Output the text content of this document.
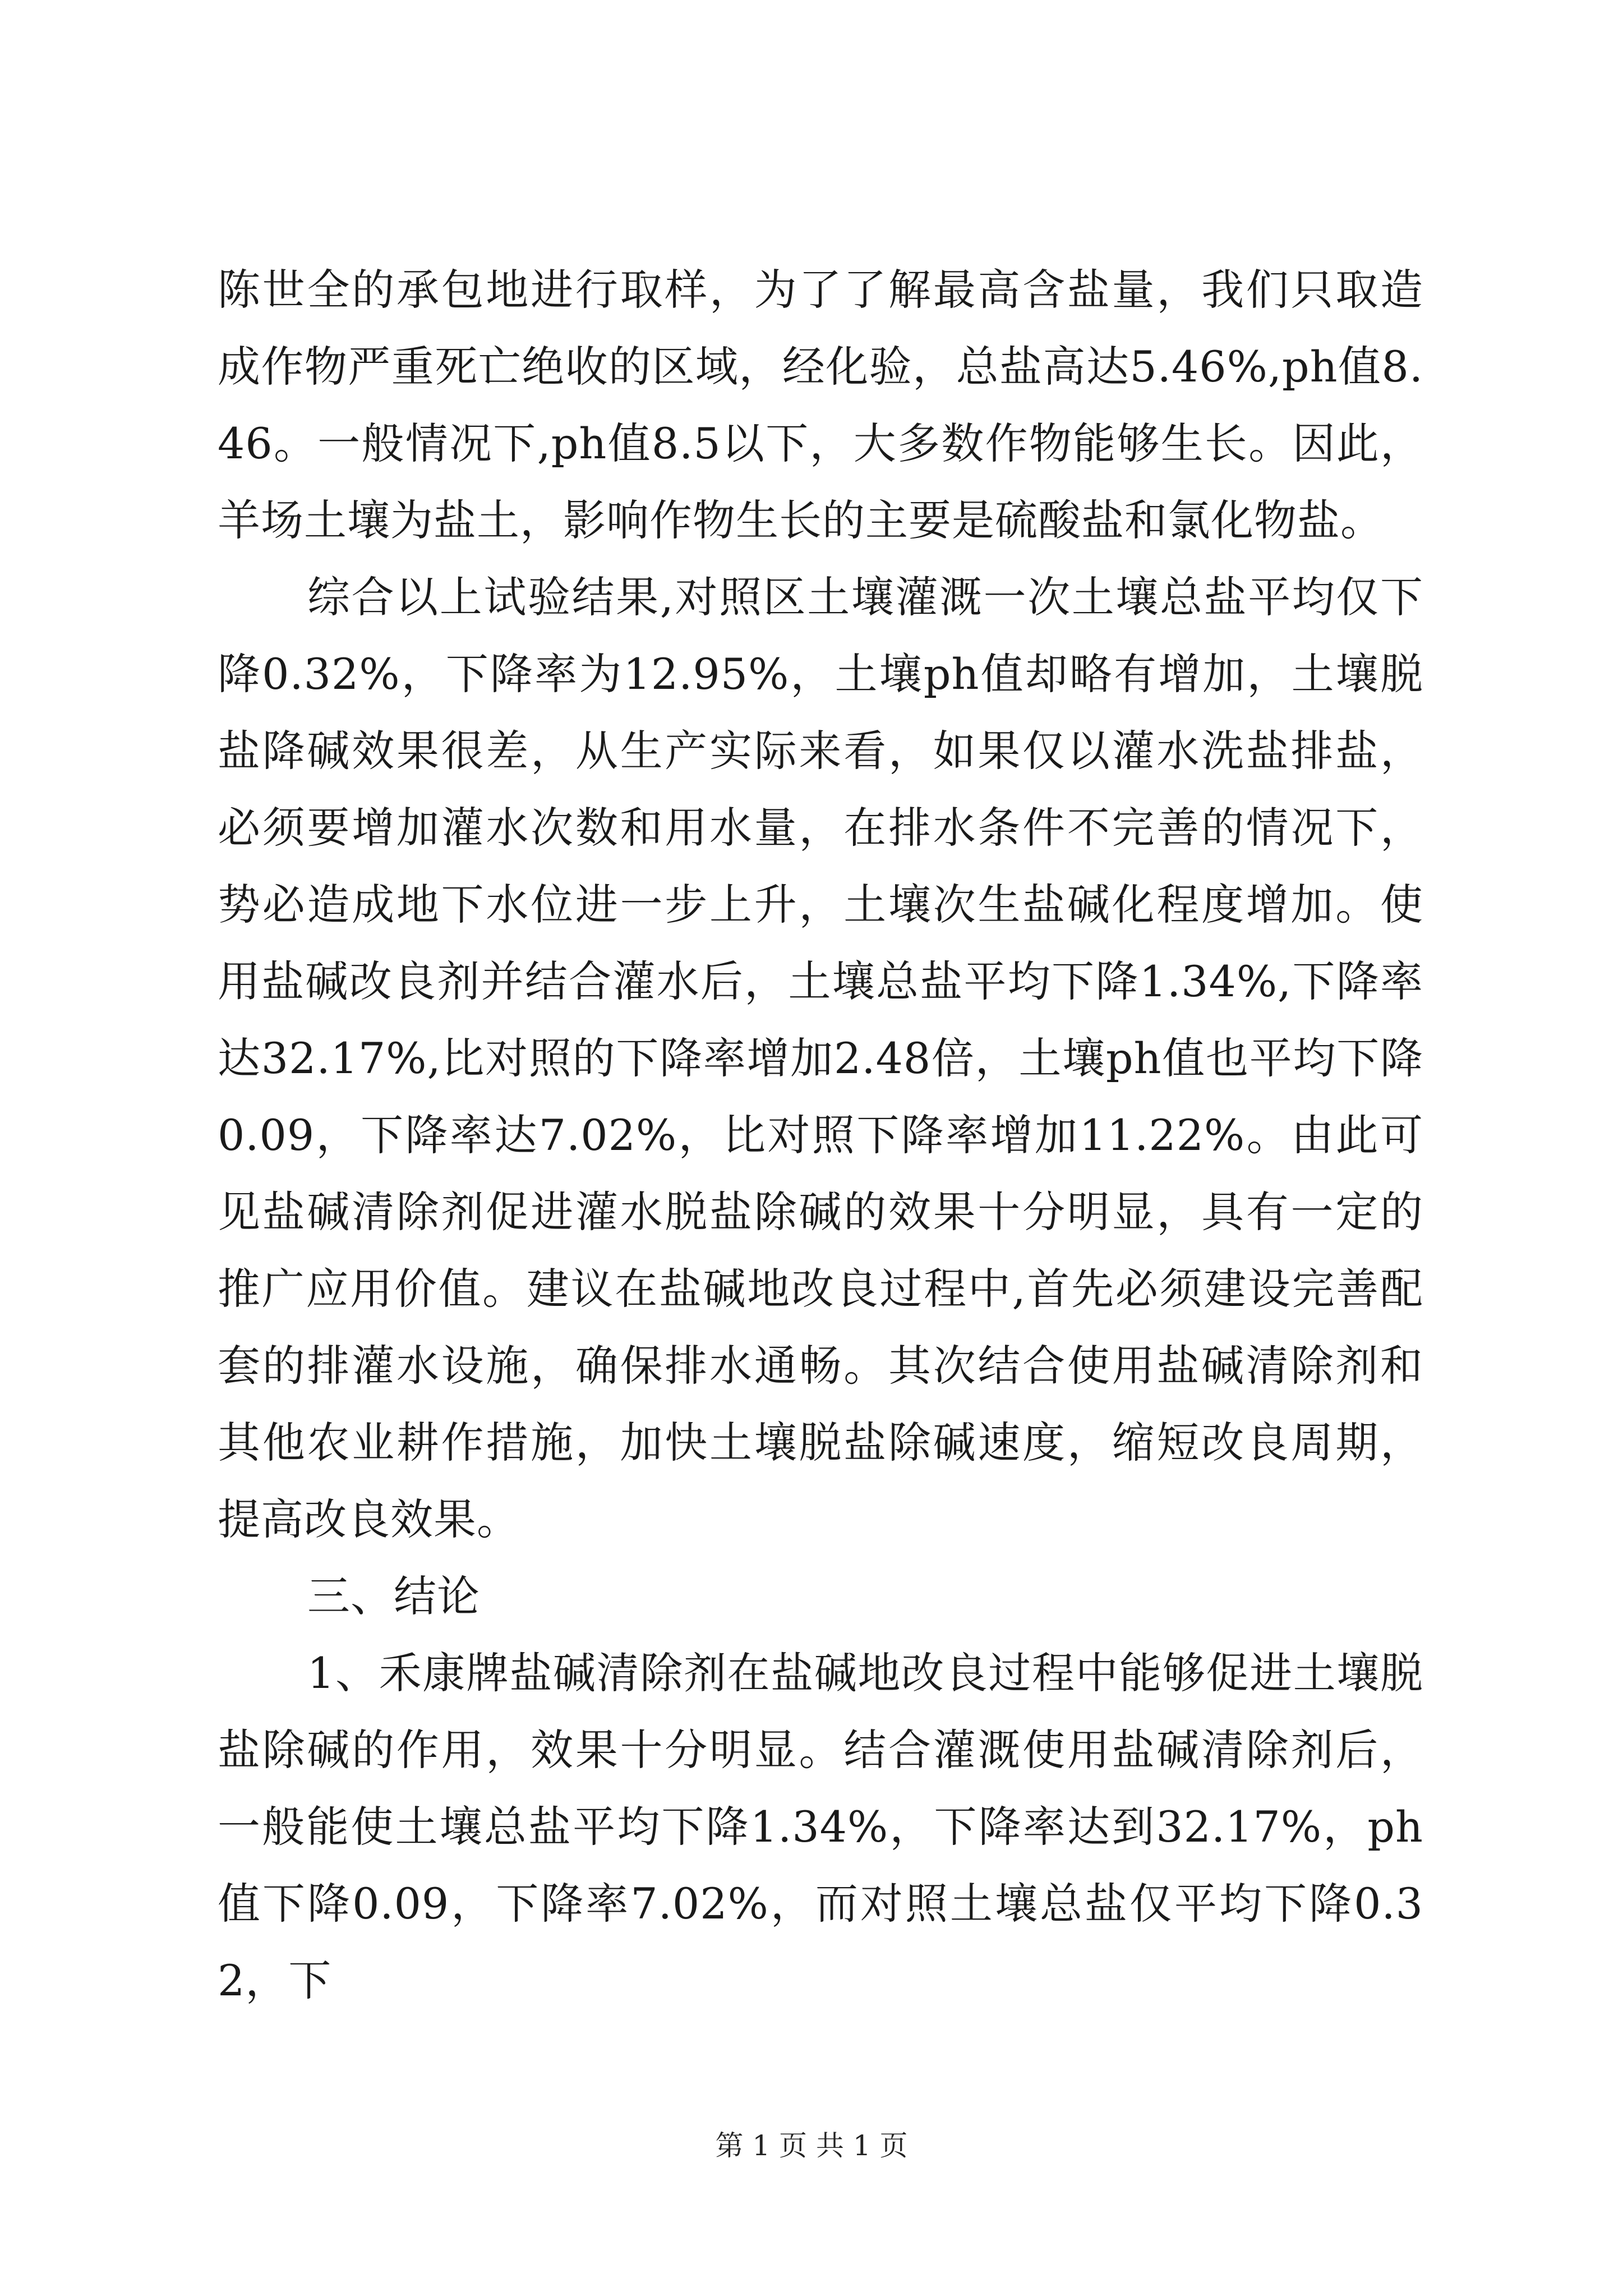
陈世全的承包地进行取样，为了了解最高含盐量，我们只取造成作物严重死亡绝收的区域，经化验，总盐高达5.46%,ph值8.46。一般情况下,ph值8.5以下，大多数作物能够生长。因此，羊场土壤为盐土，影响作物生长的主要是硫酸盐和氯化物盐。

综合以上试验结果,对照区土壤灌溉一次土壤总盐平均仅下降0.32%，下降率为12.95%，土壤ph值却略有增加，土壤脱盐降碱效果很差，从生产实际来看，如果仅以灌水洗盐排盐，必须要增加灌水次数和用水量，在排水条件不完善的情况下，势必造成地下水位进一步上升，土壤次生盐碱化程度增加。使用盐碱改良剂并结合灌水后，土壤总盐平均下降1.34%,下降率达32.17%,比对照的下降率增加2.48倍，土壤ph值也平均下降0.09，下降率达7.02%，比对照下降率增加11.22%。由此可见盐碱清除剂促进灌水脱盐除碱的效果十分明显，具有一定的推广应用价值。建议在盐碱地改良过程中,首先必须建设完善配套的排灌水设施，确保排水通畅。其次结合使用盐碱清除剂和其他农业耕作措施，加快土壤脱盐除碱速度，缩短改良周期，提高改良效果。

三、结论

1、禾康牌盐碱清除剂在盐碱地改良过程中能够促进土壤脱盐除碱的作用，效果十分明显。结合灌溉使用盐碱清除剂后，一般能使土壤总盐平均下降1.34%，下降率达到32.17%，ph值下降0.09，下降率7.02%，而对照土壤总盐仅平均下降0.32，下

第 1 页 共 1 页
